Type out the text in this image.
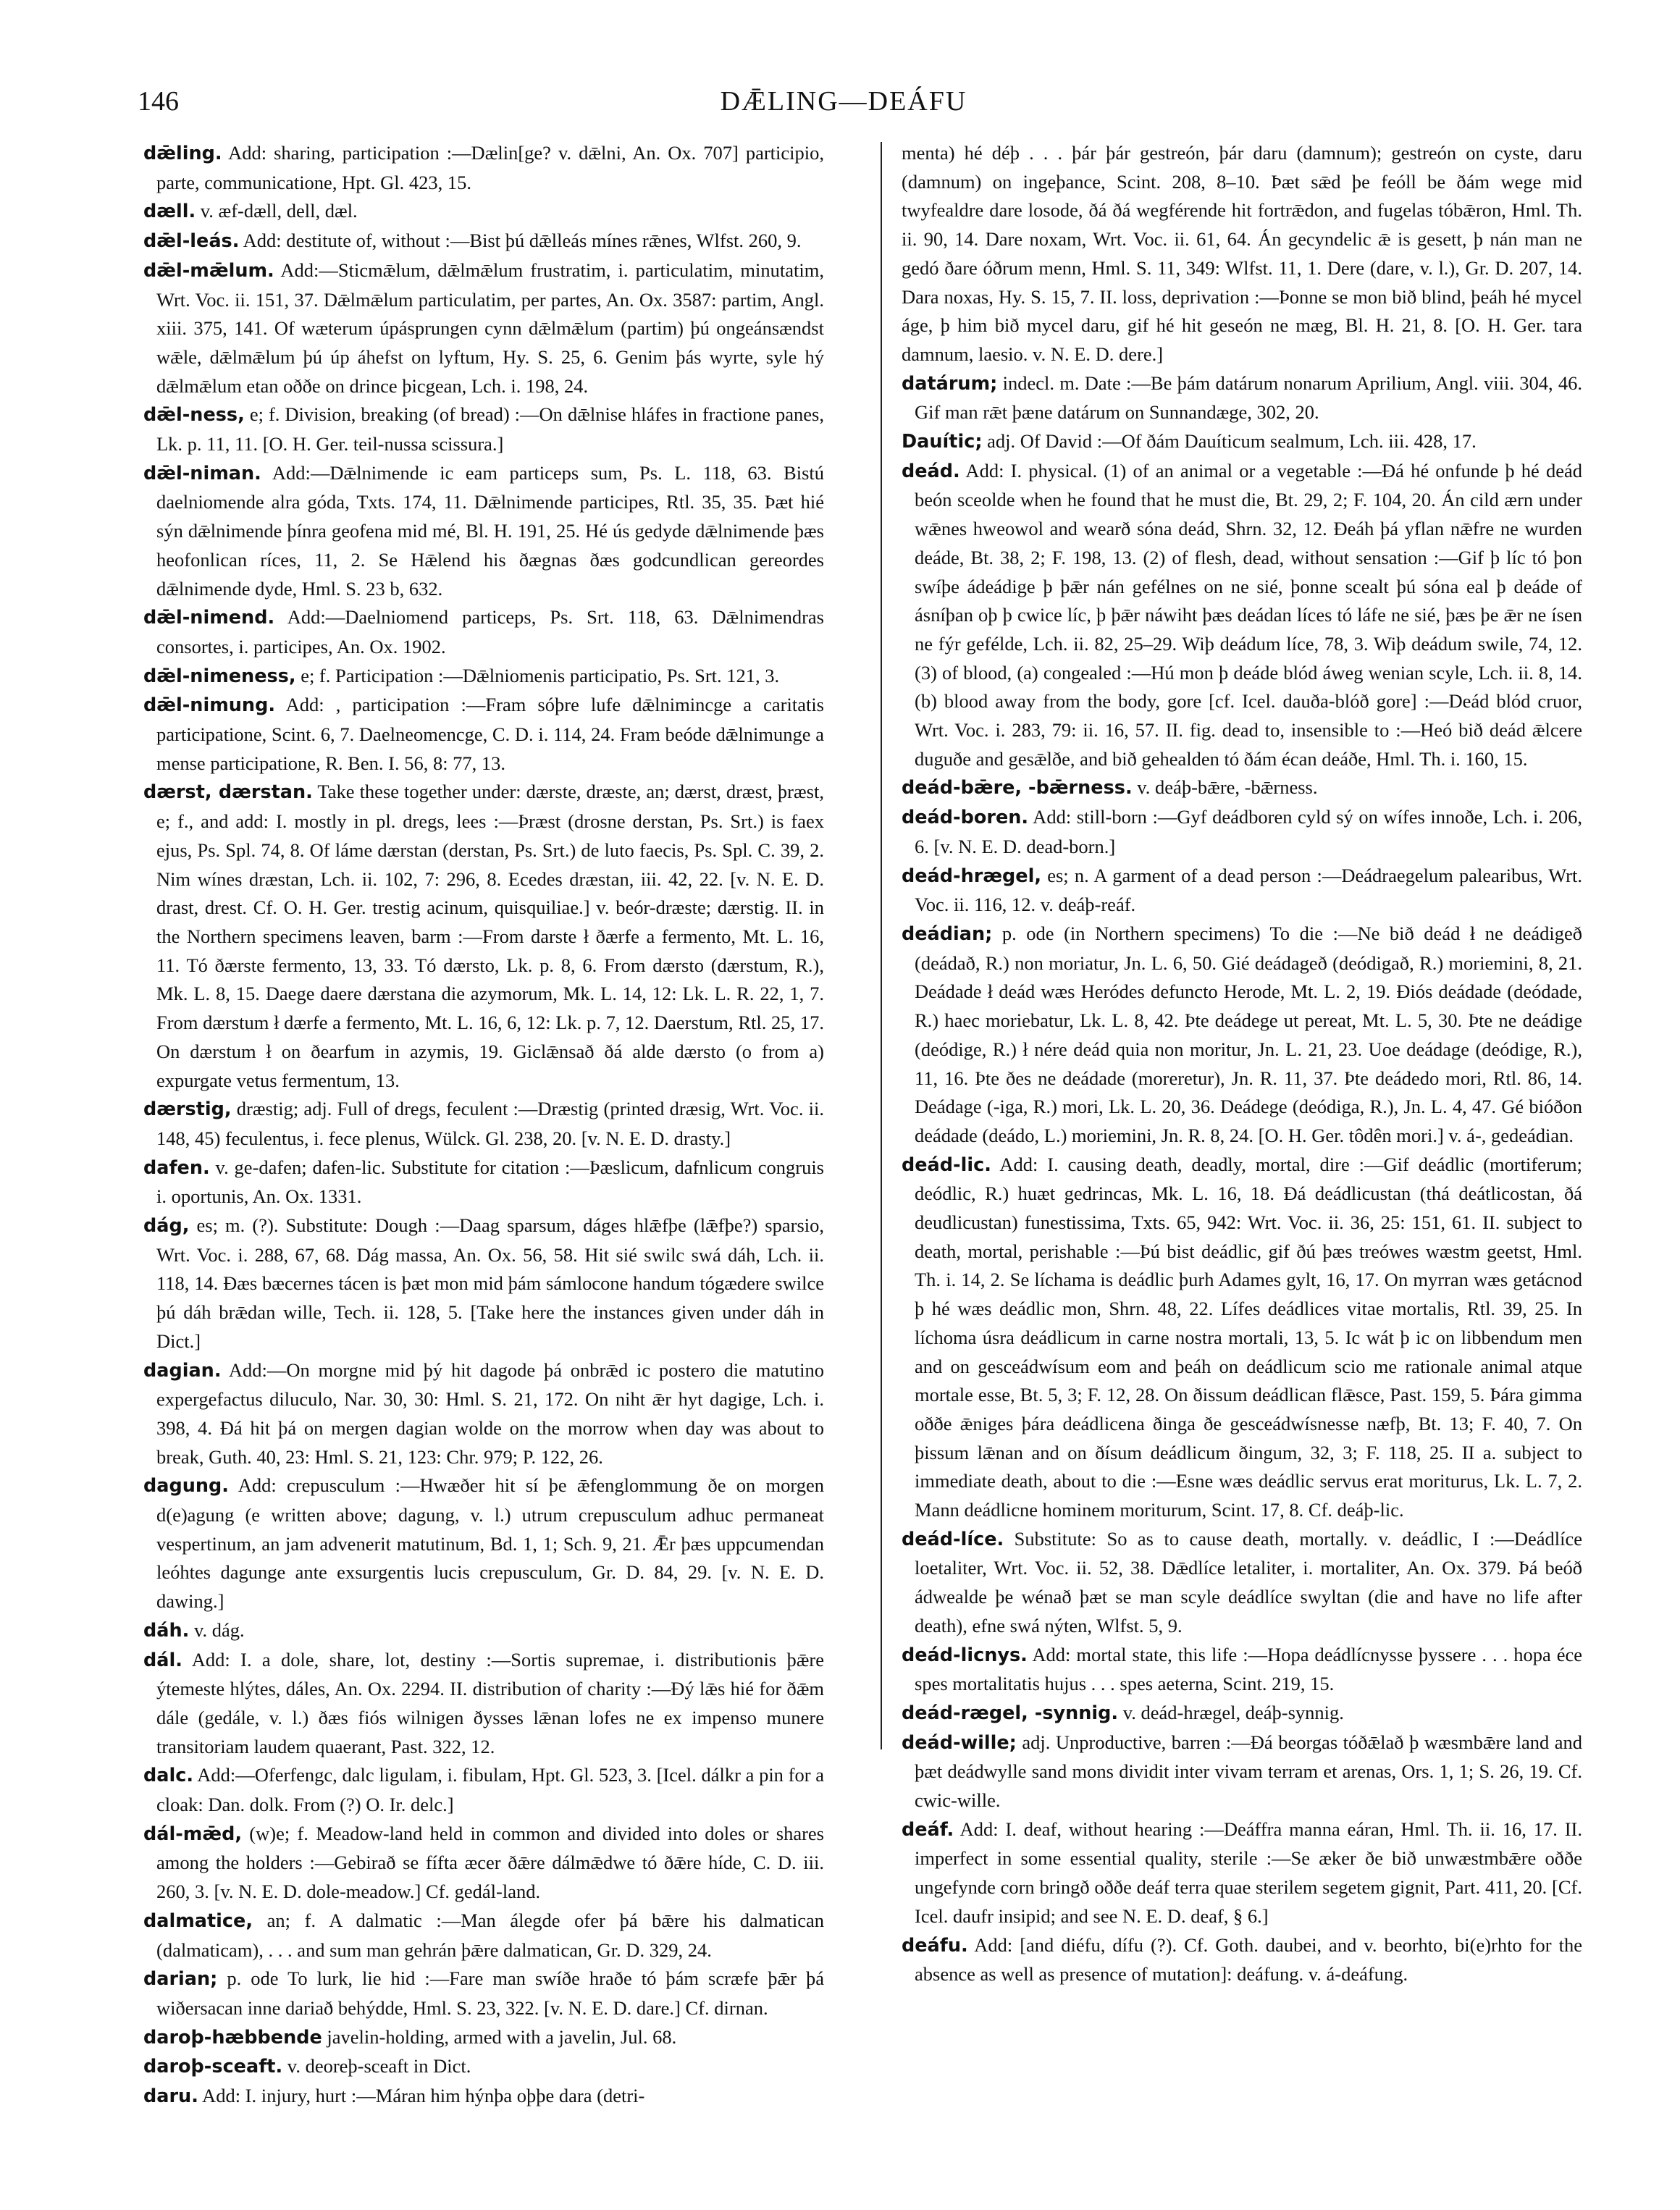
146	DǢLING—DEÁFU

dǣling. Add: sharing, participation :—Dælin[ge? v. dǣlni, An. Ox. 707] participio, parte, communicatione, Hpt. Gl. 423, 15.

dæll. v. æf-dæll, dell, dæl.

dǣl-leás. Add: destitute of, without :—Bist þú dǣlleás mínes rǣnes, Wlfst. 260, 9.

dǣl-mǣlum. Add:—Sticmǣlum, dǣlmǣlum frustratim, i. particulatim, minutatim, Wrt. Voc. ii. 151, 37. Dǣlmǣlum particulatim, per partes, An. Ox. 3587: partim, Angl. xiii. 375, 141. Of wæterum úpásprungen cynn dǣlmǣlum (partim) þú ongeánsændst wǣle, dǣlmǣlum þú úp áhefst on lyftum, Hy. S. 25, 6. Genim þás wyrte, syle hý dǣlmǣlum etan oððe on drince þicgean, Lch. i. 198, 24.

dǣl-ness, e; f. Division, breaking (of bread) :—On dǣlnise hláfes in fractione panes, Lk. p. 11, 11. [O. H. Ger. teil-nussa scissura.]

dǣl-niman. Add:—Dǣlnimende ic eam particeps sum, Ps. L. 118, 63. Bistú daelniomende alra góda, Txts. 174, 11. Dǣlnimende participes, Rtl. 35, 35. Þæt hié sýn dǣlnimende þínra geofena mid mé, Bl. H. 191, 25. Hé ús gedyde dǣlnimende þæs heofonlican ríces, 11, 2. Se Hǣlend his ðægnas ðæs godcundlican gereordes dǣlnimende dyde, Hml. S. 23 b, 632.

dǣl-nimend. Add:—Daelniomend particeps, Ps. Srt. 118, 63. Dǣlnimendras consortes, i. participes, An. Ox. 1902.

dǣl-nimeness, e; f. Participation :—Dǣlniomenis participatio, Ps. Srt. 121, 3.

dǣl-nimung. Add: , participation :—Fram sóþre lufe dǣlnimincge a caritatis participatione, Scint. 6, 7. Daelneomencge, C. D. i. 114, 24. Fram beóde dǣlnimunge a mense participatione, R. Ben. I. 56, 8: 77, 13.

dærst, dærstan. Take these together under: dærste, dræste, an; dærst, dræst, þræst, e; f., and add: I. mostly in pl. dregs, lees :—Þræst (drosne derstan, Ps. Srt.) is faex ejus, Ps. Spl. 74, 8. Of láme dærstan (derstan, Ps. Srt.) de luto faecis, Ps. Spl. C. 39, 2. Nim wínes dræstan, Lch. ii. 102, 7: 296, 8. Ecedes dræstan, iii. 42, 22. [v. N. E. D. drast, drest. Cf. O. H. Ger. trestig acinum, quisquiliae.] v. beór-dræste; dærstig. II. in the Northern specimens leaven, barm :—From darste ł ðærfe a fermento, Mt. L. 16, 11. Tó ðærste fermento, 13, 33. Tó dærsto, Lk. p. 8, 6. From dærsto (dærstum, R.), Mk. L. 8, 15. Daege daere dærstana die azymorum, Mk. L. 14, 12: Lk. L. R. 22, 1, 7. From dærstum ł dærfe a fermento, Mt. L. 16, 6, 12: Lk. p. 7, 12. Daerstum, Rtl. 25, 17. On dærstum ł on ðearfum in azymis, 19. Giclǣnsað ðá alde dærsto (o from a) expurgate vetus fermentum, 13.

dærstig, dræstig; adj. Full of dregs, feculent :—Dræstig (printed dræsig, Wrt. Voc. ii. 148, 45) feculentus, i. fece plenus, Wülck. Gl. 238, 20. [v. N. E. D. drasty.]

dafen. v. ge-dafen; dafen-lic. Substitute for citation :—Þæslicum, dafnlicum congruis i. oportunis, An. Ox. 1331.

dág, es; m. (?). Substitute: Dough :—Daag sparsum, dáges hlǣfþe (lǣfþe?) sparsio, Wrt. Voc. i. 288, 67, 68. Dág massa, An. Ox. 56, 58. Hit sié swilc swá dáh, Lch. ii. 118, 14. Ðæs bæcernes tácen is þæt mon mid þám sámlocone handum tógædere swilce þú dáh brǣdan wille, Tech. ii. 128, 5. [Take here the instances given under dáh in Dict.]

dagian. Add:—On morgne mid þý hit dagode þá onbrǣd ic postero die matutino expergefactus diluculo, Nar. 30, 30: Hml. S. 21, 172. On niht ǣr hyt dagige, Lch. i. 398, 4. Ðá hit þá on mergen dagian wolde on the morrow when day was about to break, Guth. 40, 23: Hml. S. 21, 123: Chr. 979; P. 122, 26.

dagung. Add: crepusculum :—Hwæðer hit sí þe ǣfenglommung ðe on morgen d(e)agung (e written above; dagung, v. l.) utrum crepusculum adhuc permaneat vespertinum, an jam advenerit matutinum, Bd. 1, 1; Sch. 9, 21. Ǣr þæs uppcumendan leóhtes dagunge ante exsurgentis lucis crepusculum, Gr. D. 84, 29. [v. N. E. D. dawing.]

dáh. v. dág.

dál. Add: I. a dole, share, lot, destiny :—Sortis supremae, i. distributionis þǣre ýtemeste hlýtes, dáles, An. Ox. 2294. II. distribution of charity :—Ðý lǣs hié for ðǣm dále (gedále, v. l.) ðæs fiós wilnigen ðysses lǣnan lofes ne ex impenso munere transitoriam laudem quaerant, Past. 322, 12.

dalc. Add:—Oferfengc, dalc ligulam, i. fibulam, Hpt. Gl. 523, 3. [Icel. dálkr a pin for a cloak: Dan. dolk. From (?) O. Ir. delc.]

dál-mǣd, (w)e; f. Meadow-land held in common and divided into doles or shares among the holders :—Gebirað se fífta æcer ðǣre dálmǣdwe tó ðǣre híde, C. D. iii. 260, 3. [v. N. E. D. dole-meadow.] Cf. gedál-land.

dalmatice, an; f. A dalmatic :—Man álegde ofer þá bǣre his dalmatican (dalmaticam), . . . and sum man gehrán þǣre dalmatican, Gr. D. 329, 24.

darian; p. ode To lurk, lie hid :—Fare man swíðe hraðe tó þám scræfe þǣr þá wiðersacan inne dariað behýdde, Hml. S. 23, 322. [v. N. E. D. dare.] Cf. dirnan.

daroþ-hæbbende javelin-holding, armed with a javelin, Jul. 68.

daroþ-sceaft. v. deoreþ-sceaft in Dict.

daru. Add: I. injury, hurt :—Máran him hýnþa oþþe dara (detri-

menta) hé déþ . . . þár þár gestreón, þár daru (damnum); gestreón on cyste, daru (damnum) on ingeþance, Scint. 208, 8–10. Þæt sǣd þe feóll be ðám wege mid twyfealdre dare losode, ðá ðá wegférende hit fortrǣdon, and fugelas tóbǣron, Hml. Th. ii. 90, 14. Dare noxam, Wrt. Voc. ii. 61, 64. Án gecyndelic ǣ is gesett, þ nán man ne gedó ðare óðrum menn, Hml. S. 11, 349: Wlfst. 11, 1. Dere (dare, v. l.), Gr. D. 207, 14. Dara noxas, Hy. S. 15, 7. II. loss, deprivation :—Þonne se mon bið blind, þeáh hé mycel áge, þ him bið mycel daru, gif hé hit geseón ne mæg, Bl. H. 21, 8. [O. H. Ger. tara damnum, laesio. v. N. E. D. dere.]

datárum; indecl. m. Date :—Be þám datárum nonarum Aprilium, Angl. viii. 304, 46. Gif man rǣt þæne datárum on Sunnandæge, 302, 20.

Dauític; adj. Of David :—Of ðám Dauíticum sealmum, Lch. iii. 428, 17.

deád. Add: I. physical. (1) of an animal or a vegetable :—Ðá hé onfunde þ hé deád beón sceolde when he found that he must die, Bt. 29, 2; F. 104, 20. Án cild ærn under wǣnes hweowol and wearð sóna deád, Shrn. 32, 12. Ðeáh þá yflan nǣfre ne wurden deáde, Bt. 38, 2; F. 198, 13. (2) of flesh, dead, without sensation :—Gif þ líc tó þon swíþe ádeádige þ þǣr nán gefélnes on ne sié, þonne scealt þú sóna eal þ deáde of ásníþan oþ þ cwice líc, þ þǣr náwiht þæs deádan líces tó láfe ne sié, þæs þe ǣr ne ísen ne fýr gefélde, Lch. ii. 82, 25–29. Wiþ deádum líce, 78, 3. Wiþ deádum swile, 74, 12. (3) of blood, (a) congealed :—Hú mon þ deáde blód áweg wenian scyle, Lch. ii. 8, 14. (b) blood away from the body, gore [cf. Icel. dauða-blóð gore] :—Deád blód cruor, Wrt. Voc. i. 283, 79: ii. 16, 57. II. fig. dead to, insensible to :—Heó bið deád ǣlcere duguðe and gesǣlðe, and bið gehealden tó ðám écan deáðe, Hml. Th. i. 160, 15.

deád-bǣre, -bǣrness. v. deáþ-bǣre, -bǣrness.

deád-boren. Add: still-born :—Gyf deádboren cyld sý on wífes innoðe, Lch. i. 206, 6. [v. N. E. D. dead-born.]

deád-hrægel, es; n. A garment of a dead person :—Deádraegelum palearibus, Wrt. Voc. ii. 116, 12. v. deáþ-reáf.

deádian; p. ode (in Northern specimens) To die :—Ne bið deád ł ne deádigeð (deádað, R.) non moriatur, Jn. L. 6, 50. Gié deádageð (deódigað, R.) moriemini, 8, 21. Deádade ł deád wæs Heródes defuncto Herode, Mt. L. 2, 19. Ðiós deádade (deódade, R.) haec moriebatur, Lk. L. 8, 42. Þte deádege ut pereat, Mt. L. 5, 30. Þte ne deádige (deódige, R.) ł nére deád quia non moritur, Jn. L. 21, 23. Uoe deádage (deódige, R.), 11, 16. Þte ðes ne deádade (moreretur), Jn. R. 11, 37. Þte deádedo mori, Rtl. 86, 14. Deádage (-iga, R.) mori, Lk. L. 20, 36. Deádege (deódiga, R.), Jn. L. 4, 47. Gé bióðon deádade (deádo, L.) moriemini, Jn. R. 8, 24. [O. H. Ger. tôdên mori.] v. á-, gedeádian.

deád-lic. Add: I. causing death, deadly, mortal, dire :—Gif deádlic (mortiferum; deódlic, R.) huæt gedrincas, Mk. L. 16, 18. Ðá deádlicustan (thá deátlicostan, ðá deudlicustan) funestissima, Txts. 65, 942: Wrt. Voc. ii. 36, 25: 151, 61. II. subject to death, mortal, perishable :—Þú bist deádlic, gif ðú þæs treówes wæstm geetst, Hml. Th. i. 14, 2. Se líchama is deádlic þurh Adames gylt, 16, 17. On myrran wæs getácnod þ hé wæs deádlic mon, Shrn. 48, 22. Lífes deádlices vitae mortalis, Rtl. 39, 25. In líchoma úsra deádlicum in carne nostra mortali, 13, 5. Ic wát þ ic on libbendum men and on gesceádwísum eom and þeáh on deádlicum scio me rationale animal atque mortale esse, Bt. 5, 3; F. 12, 28. On ðissum deádlican flǣsce, Past. 159, 5. Þára gimma oððe ǣniges þára deádlicena ðinga ðe gesceádwísnesse næfþ, Bt. 13; F. 40, 7. On þissum lǣnan and on ðísum deádlicum ðingum, 32, 3; F. 118, 25. II a. subject to immediate death, about to die :—Esne wæs deádlic servus erat moriturus, Lk. L. 7, 2. Mann deádlicne hominem moriturum, Scint. 17, 8. Cf. deáþ-lic.

deád-líce. Substitute: So as to cause death, mortally. v. deádlic, I :—Deádlíce loetaliter, Wrt. Voc. ii. 52, 38. Dǣdlíce letaliter, i. mortaliter, An. Ox. 379. Þá beóð ádwealde þe wénað þæt se man scyle deádlíce swyltan (die and have no life after death), efne swá nýten, Wlfst. 5, 9.

deád-licnys. Add: mortal state, this life :—Hopa deádlícnysse þyssere . . . hopa éce spes mortalitatis hujus . . . spes aeterna, Scint. 219, 15.

deád-rægel, -synnig. v. deád-hrægel, deáþ-synnig.

deád-wille; adj. Unproductive, barren :—Ðá beorgas tóðǣlað þ wæsmbǣre land and þæt deádwylle sand mons dividit inter vivam terram et arenas, Ors. 1, 1; S. 26, 19. Cf. cwic-wille.

deáf. Add: I. deaf, without hearing :—Deáffra manna eáran, Hml. Th. ii. 16, 17. II. imperfect in some essential quality, sterile :—Se æker ðe bið unwæstmbǣre oððe ungefynde corn bringð oððe deáf terra quae sterilem segetem gignit, Part. 411, 20. [Cf. Icel. daufr insipid; and see N. E. D. deaf, § 6.]

deáfu. Add: [and diéfu, dífu (?). Cf. Goth. daubei, and v. beorhto, bi(e)rhto for the absence as well as presence of mutation]: deáfung. v. á-deáfung.
